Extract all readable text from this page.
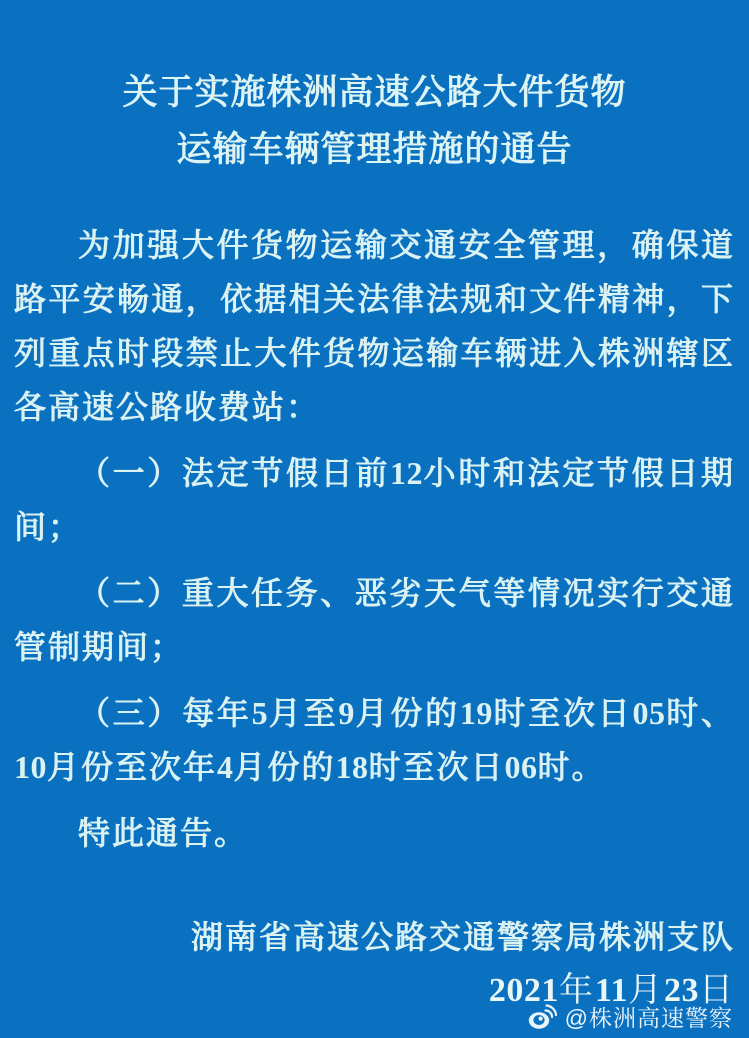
关于实施株洲高速公路大件货物
运输车辆管理措施的通告

为加强大件货物运输交通安全管理，确保道路平安畅通，依据相关法律法规和文件精神，下列重点时段禁止大件货物运输车辆进入株洲辖区各高速公路收费站：

（一）法定节假日前12小时和法定节假日期间；

（二）重大任务、恶劣天气等情况实行交通管制期间；

（三）每年5月至9月份的19时至次日05时、10月份至次年4月份的18时至次日06时。

特此通告。

湖南省高速公路交通警察局株洲支队
2021年11月23日
@株洲高速警察
